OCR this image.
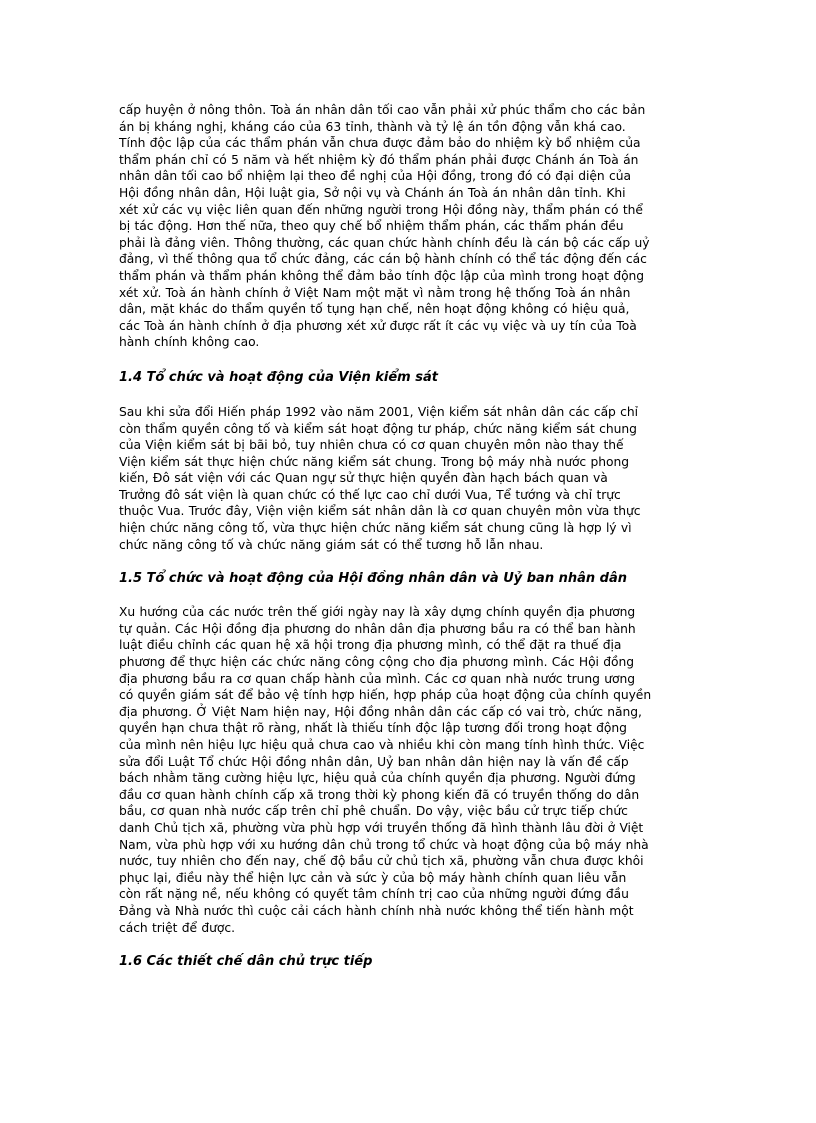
cấp huyện ở nông thôn. Toà án nhân dân tối cao vẫn phải xử phúc thẩm cho các bản
án bị kháng nghị, kháng cáo của 63 tỉnh, thành và tỷ lệ án tồn động vẫn khá cao.
Tính độc lập của các thẩm phán vẫn chưa được đảm bảo do nhiệm kỳ bổ nhiệm của
thẩm phán chỉ có 5 năm và hết nhiệm kỳ đó thẩm phán phải được Chánh án Toà án
nhân dân tối cao bổ nhiệm lại theo đề nghị của Hội đồng, trong đó có đại diện của
Hội đồng nhân dân, Hội luật gia, Sở nội vụ và Chánh án Toà án nhân dân tỉnh. Khi
xét xử các vụ việc liên quan đến những người trong Hội đồng này, thẩm phán có thể
bị tác động. Hơn thế nữa, theo quy chế bổ nhiệm thẩm phán, các thẩm phán đều
phải là đảng viên. Thông thường, các quan chức hành chính đều là cán bộ các cấp uỷ
đảng, vì thế thông qua tổ chức đảng, các cán bộ hành chính có thể tác động đến các
thẩm phán và thẩm phán không thể đảm bảo tính độc lập của mình trong hoạt động
xét xử. Toà án hành chính ở Việt Nam một mặt vì nằm trong hệ thống Toà án nhân
dân, mặt khác do thẩm quyền tố tụng hạn chế, nên hoạt động không có hiệu quả,
các Toà án hành chính ở địa phương xét xử được rất ít các vụ việc và uy tín của Toà
hành chính không cao.

1.4 Tổ chức và hoạt động của Viện kiểm sát

Sau khi sửa đổi Hiến pháp 1992 vào năm 2001, Viện kiểm sát nhân dân các cấp chỉ
còn thẩm quyền công tố và kiểm sát hoạt động tư pháp, chức năng kiểm sát chung
của Viện kiểm sát bị bãi bỏ, tuy nhiên chưa có cơ quan chuyên môn nào thay thế
Viện kiểm sát thực hiện chức năng kiểm sát chung. Trong bộ máy nhà nước phong
kiến, Đô sát viện với các Quan ngự sử thực hiện quyền đàn hạch bách quan và
Trưởng đô sát viện là quan chức có thế lực cao chỉ dưới Vua, Tể tướng và chỉ trực
thuộc Vua. Trước đây, Viện viện kiểm sát nhân dân là cơ quan chuyên môn vừa thực
hiện chức năng công tố, vừa thực hiện chức năng kiểm sát chung cũng là hợp lý vì
chức năng công tố và chức năng giám sát có thể tương hỗ lẫn nhau.

1.5 Tổ chức và hoạt động của Hội đồng nhân dân và Uỷ ban nhân dân

Xu hướng của các nước trên thế giới ngày nay là xây dựng chính quyền địa phương
tự quản. Các Hội đồng địa phương do nhân dân địa phương bầu ra có thể ban hành
luật điều chỉnh các quan hệ xã hội trong địa phương mình, có thể đặt ra thuế địa
phương để thực hiện các chức năng công cộng cho địa phương mình. Các Hội đồng
địa phương bầu ra cơ quan chấp hành của mình. Các cơ quan nhà nước trung ương
có quyền giám sát để bảo vệ tính hợp hiến, hợp pháp của hoạt động của chính quyền
địa phương. Ở Việt Nam hiện nay, Hội đồng nhân dân các cấp có vai trò, chức năng,
quyền hạn chưa thật rõ ràng, nhất là thiếu tính độc lập tương đối trong hoạt động
của mình nên hiệu lực hiệu quả chưa cao và nhiều khi còn mang tính hình thức. Việc
sửa đổi Luật Tổ chức Hội đồng nhân dân, Uỷ ban nhân dân hiện nay là vấn đề cấp
bách nhằm tăng cường hiệu lực, hiệu quả của chính quyền địa phương. Người đứng
đầu cơ quan hành chính cấp xã trong thời kỳ phong kiến đã có truyền thống do dân
bầu, cơ quan nhà nước cấp trên chỉ phê chuẩn. Do vậy, việc bầu cử trực tiếp chức
danh Chủ tịch xã, phường vừa phù hợp với truyền thống đã hình thành lâu đời ở Việt
Nam, vừa phù hợp với xu hướng dân chủ trong tổ chức và hoạt động của bộ máy nhà
nước, tuy nhiên cho đến nay, chế độ bầu cử chủ tịch xã, phường vẫn chưa được khôi
phục lại, điều này thể hiện lực cản và sức ỳ của bộ máy hành chính quan liêu vẫn
còn rất nặng nề, nếu không có quyết tâm chính trị cao của những người đứng đầu
Đảng và Nhà nước thì cuộc cải cách hành chính nhà nước không thể tiến hành một
cách triệt để được.

1.6 Các thiết chế dân chủ trực tiếp
